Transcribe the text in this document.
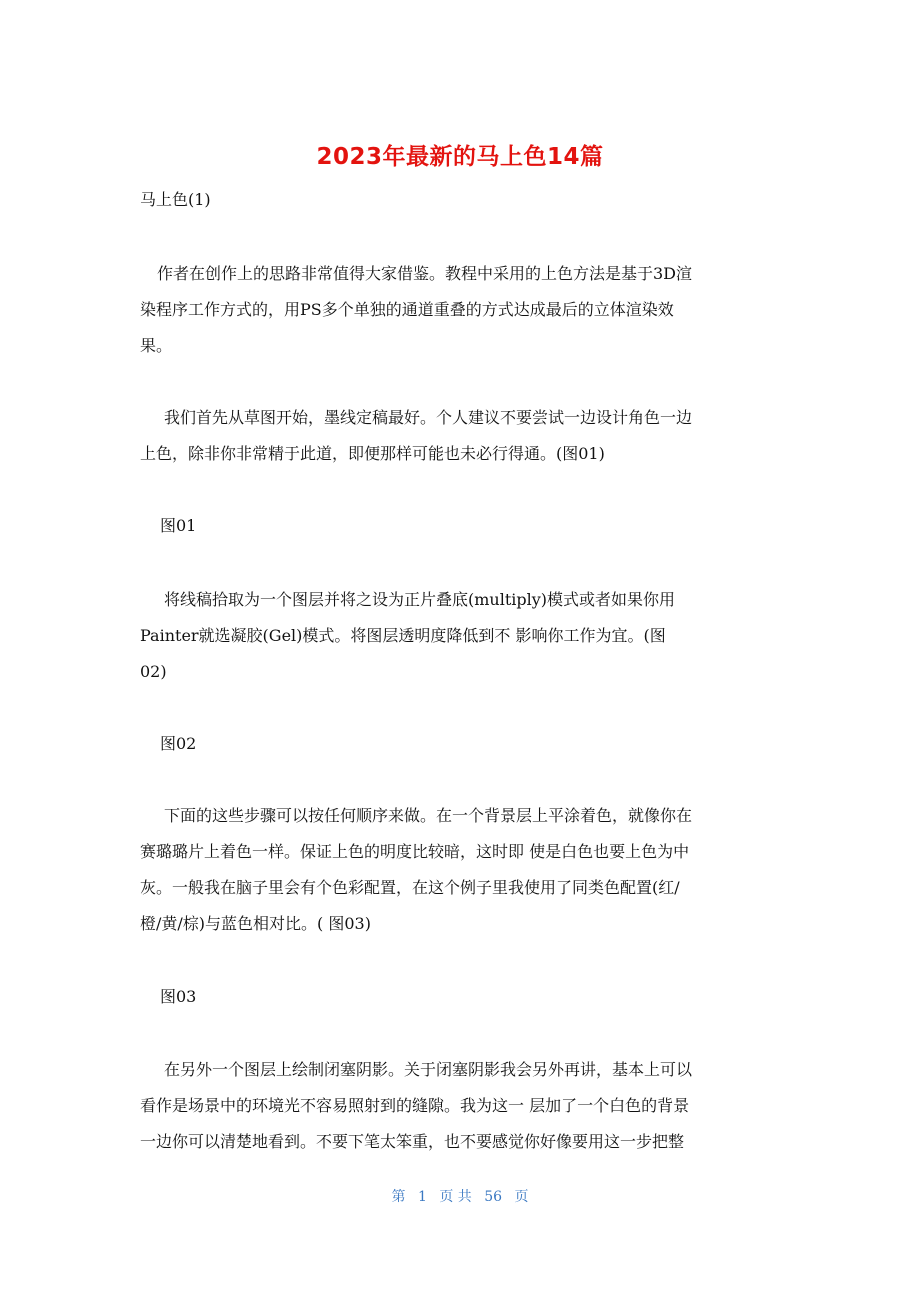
2023年最新的马上色14篇
马上色(1)
作者在创作上的思路非常值得大家借鉴。教程中采用的上色方法是基于3D渲
染程序工作方式的，用PS多个单独的通道重叠的方式达成最后的立体渲染效
果。
我们首先从草图开始，墨线定稿最好。个人建议不要尝试一边设计角色一边
上色，除非你非常精于此道，即便那样可能也未必行得通。(图01)
图01
将线稿拾取为一个图层并将之设为正片叠底(multiply)模式或者如果你用
Painter就选凝胶(Gel)模式。将图层透明度降低到不 影响你工作为宜。(图
02)
图02
下面的这些步骤可以按任何顺序来做。在一个背景层上平涂着色，就像你在
赛璐璐片上着色一样。保证上色的明度比较暗，这时即 使是白色也要上色为中
灰。一般我在脑子里会有个色彩配置，在这个例子里我使用了同类色配置(红/
橙/黄/棕)与蓝色相对比。( 图03)
图03
在另外一个图层上绘制闭塞阴影。关于闭塞阴影我会另外再讲，基本上可以
看作是场景中的环境光不容易照射到的缝隙。我为这一 层加了一个白色的背景
一边你可以清楚地看到。不要下笔太笨重，也不要感觉你好像要用这一步把整
第 1 页 共 56 页
